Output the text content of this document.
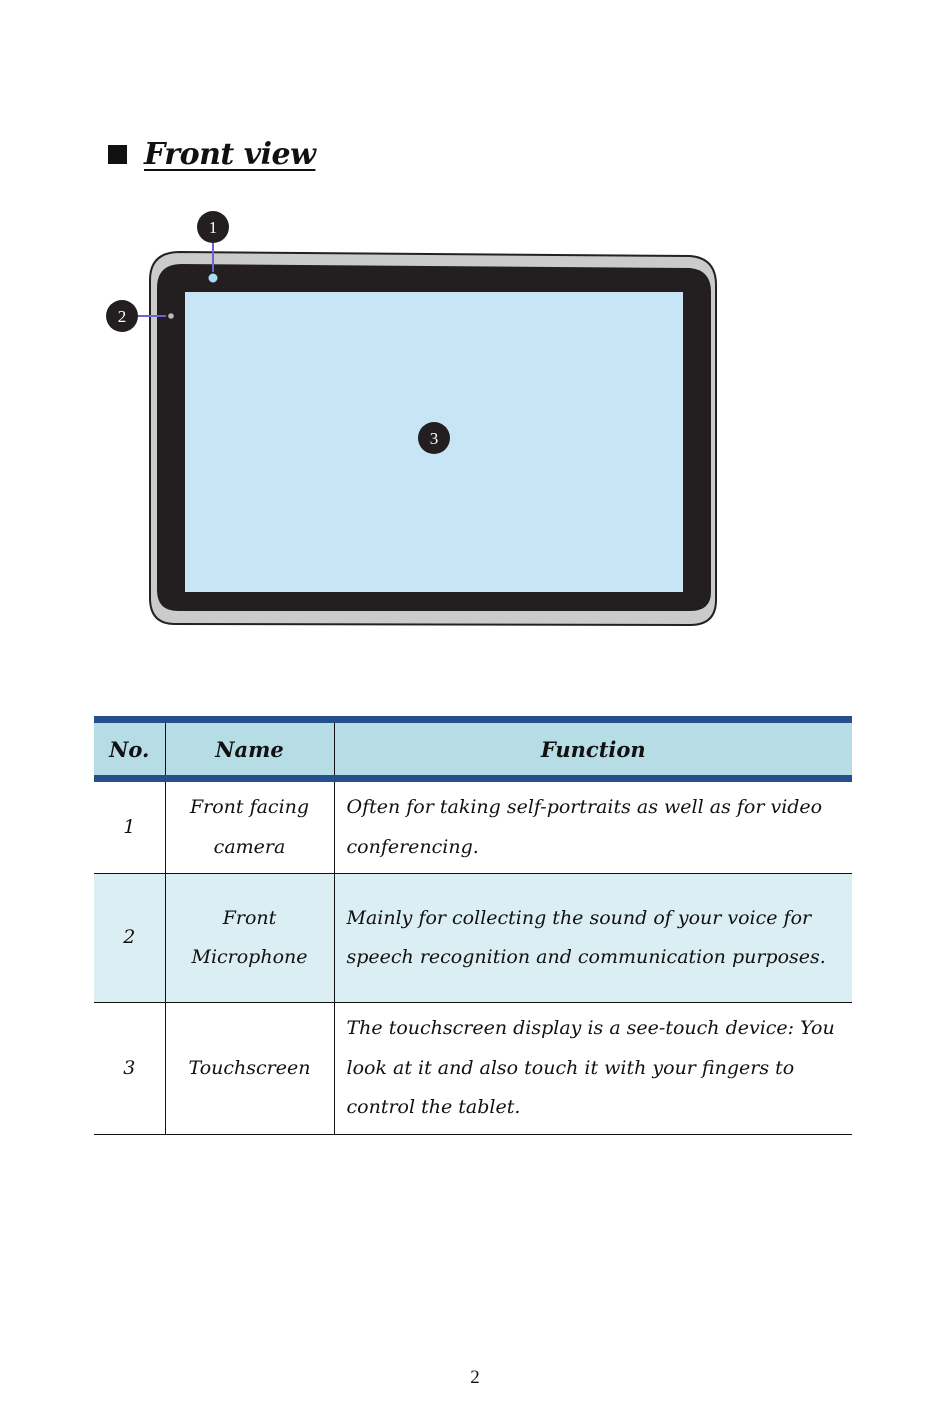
Front view
1
2
3
No.	Name	Function
1	Front facing camera	Often for taking self-portraits as well as for video conferencing.
2	Front Microphone	Mainly for collecting the sound of your voice for speech recognition and communication purposes.
3	Touchscreen	The touchscreen display is a see-touch device: You look at it and also touch it with your fingers to control the tablet.
2
